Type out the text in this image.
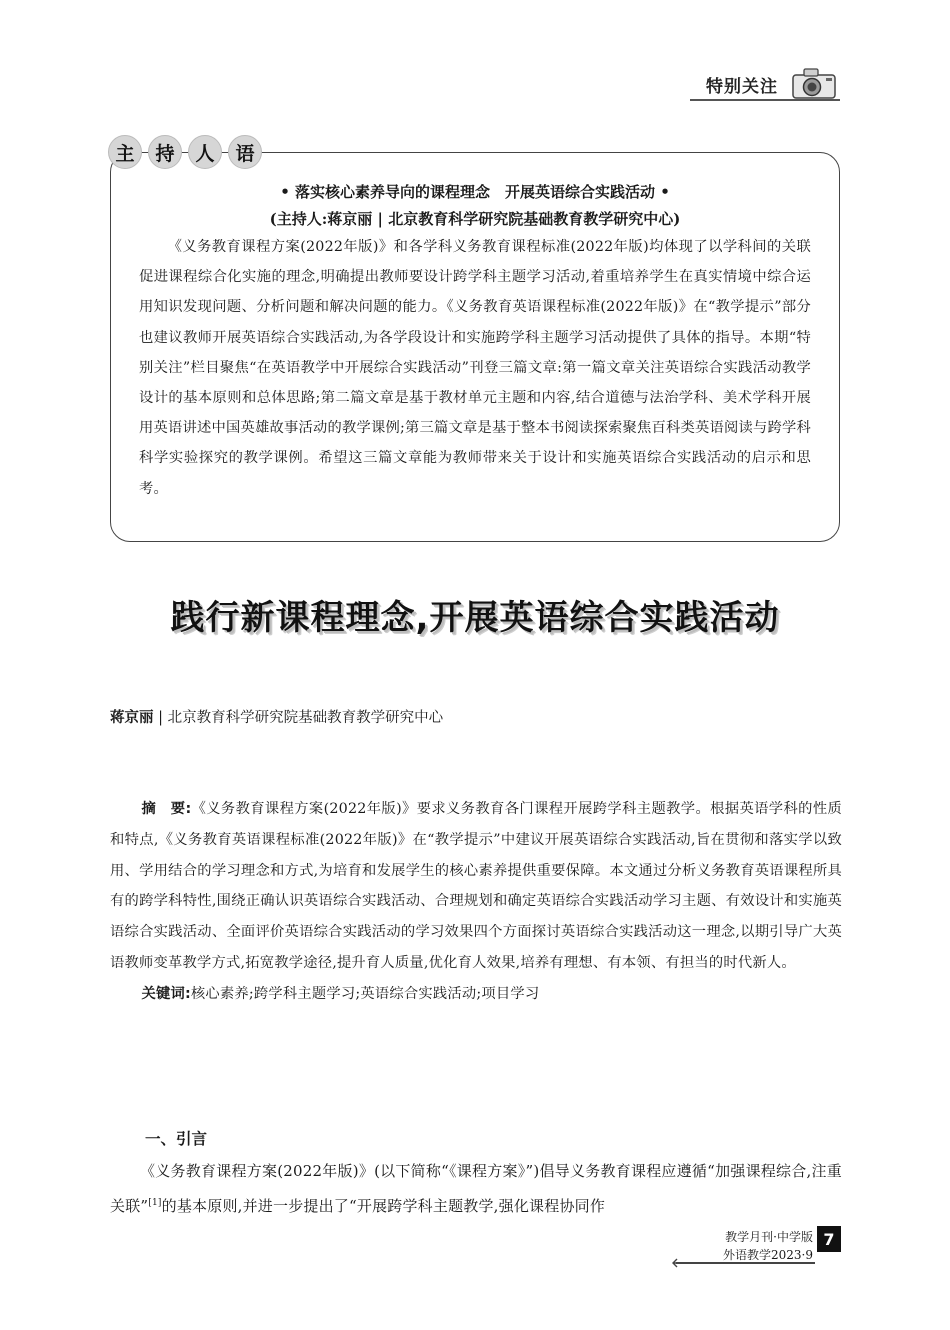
特别关注

• 落实核心素养导向的课程理念　开展英语综合实践活动 •

(主持人:蒋京丽 | 北京教育科学研究院基础教育教学研究中心)

《义务教育课程方案(2022年版)》和各学科义务教育课程标准(2022年版)均体现了以学科间的关联促进课程综合化实施的理念,明确提出教师要设计跨学科主题学习活动,着重培养学生在真实情境中综合运用知识发现问题、分析问题和解决问题的能力。《义务教育英语课程标准(2022年版)》在“教学提示”部分也建议教师开展英语综合实践活动,为各学段设计和实施跨学科主题学习活动提供了具体的指导。本期“特别关注”栏目聚焦“在英语教学中开展综合实践活动”刊登三篇文章:第一篇文章关注英语综合实践活动教学设计的基本原则和总体思路;第二篇文章是基于教材单元主题和内容,结合道德与法治学科、美术学科开展用英语讲述中国英雄故事活动的教学课例;第三篇文章是基于整本书阅读探索聚焦百科类英语阅读与跨学科科学实验探究的教学课例。希望这三篇文章能为教师带来关于设计和实施英语综合实践活动的启示和思考。

主	持	人	语
践行新课程理念,开展英语综合实践活动
蒋京丽 | 北京教育科学研究院基础教育教学研究中心

摘　要:《义务教育课程方案(2022年版)》要求义务教育各门课程开展跨学科主题教学。根据英语学科的性质和特点,《义务教育英语课程标准(2022年版)》在“教学提示”中建议开展英语综合实践活动,旨在贯彻和落实学以致用、学用结合的学习理念和方式,为培育和发展学生的核心素养提供重要保障。本文通过分析义务教育英语课程所具有的跨学科特性,围绕正确认识英语综合实践活动、合理规划和确定英语综合实践活动学习主题、有效设计和实施英语综合实践活动、全面评价英语综合实践活动的学习效果四个方面探讨英语综合实践活动这一理念,以期引导广大英语教师变革教学方式,拓宽教学途径,提升育人质量,优化育人效果,培养有理想、有本领、有担当的时代新人。

关键词:核心素养;跨学科主题学习;英语综合实践活动;项目学习

一、引言

《义务教育课程方案(2022年版)》(以下简称“《课程方案》”)倡导义务教育课程应遵循“加强课程综合,注重关联”[1]的基本原则,并进一步提出了“开展跨学科主题教学,强化课程协同作

教学月刊·中学版
外语教学2023·9
7
